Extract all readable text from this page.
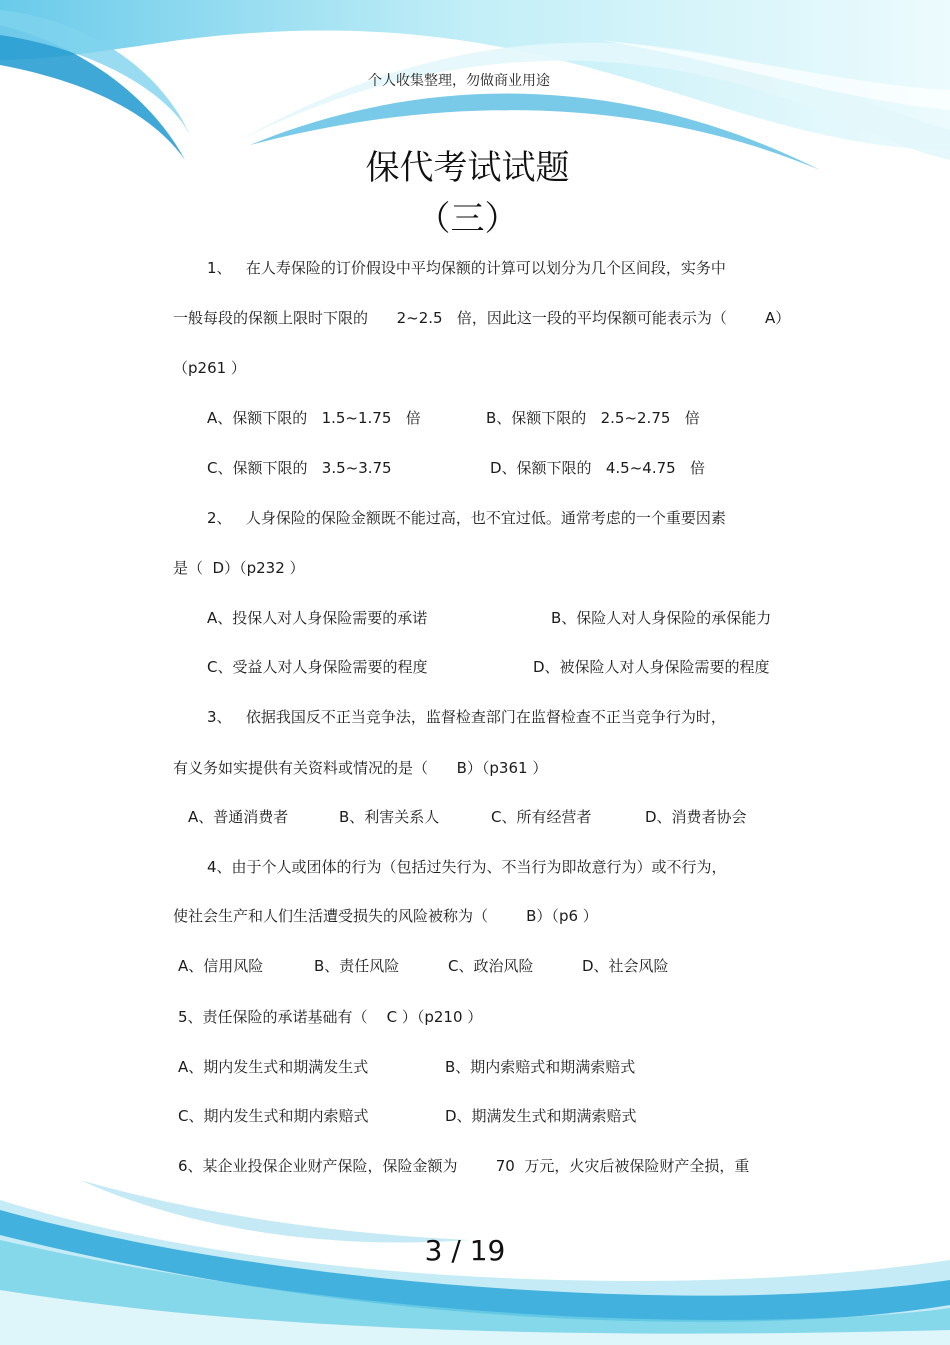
个人收集整理，勿做商业用途
保代考试试题
（三）
1、   在人寿保险的订价假设中平均保额的计算可以划分为几个区间段，实务中
一般每段的保额上限时下限的      2~2.5   倍，因此这一段的平均保额可能表示为（        A）
（p261 ）
A、保额下限的   1.5~1.75   倍	B、保额下限的   2.5~2.75   倍
C、保额下限的   3.5~3.75	D、保额下限的   4.5~4.75   倍
2、   人身保险的保险金额既不能过高，也不宜过低。通常考虑的一个重要因素
是（  D）（p232 ）
A、投保人对人身保险需要的承诺	B、保险人对人身保险的承保能力
C、受益人对人身保险需要的程度	D、被保险人对人身保险需要的程度
3、   依据我国反不正当竞争法，监督检查部门在监督检查不正当竞争行为时，
有义务如实提供有关资料或情况的是（      B）（p361 ）
A、普通消费者	B、利害关系人	C、所有经营者	D、消费者协会
4、由于个人或团体的行为（包括过失行为、不当行为即故意行为）或不行为，
使社会生产和人们生活遭受损失的风险被称为（        B）（p6 ）
A、信用风险	B、责任风险	C、政治风险	D、社会风险
5、责任保险的承诺基础有（    C ）（p210 ）
A、期内发生式和期满发生式	B、期内索赔式和期满索赔式
C、期内发生式和期内索赔式	D、期满发生式和期满索赔式
6、某企业投保企业财产保险，保险金额为        70  万元，火灾后被保险财产全损，重
3 / 19
